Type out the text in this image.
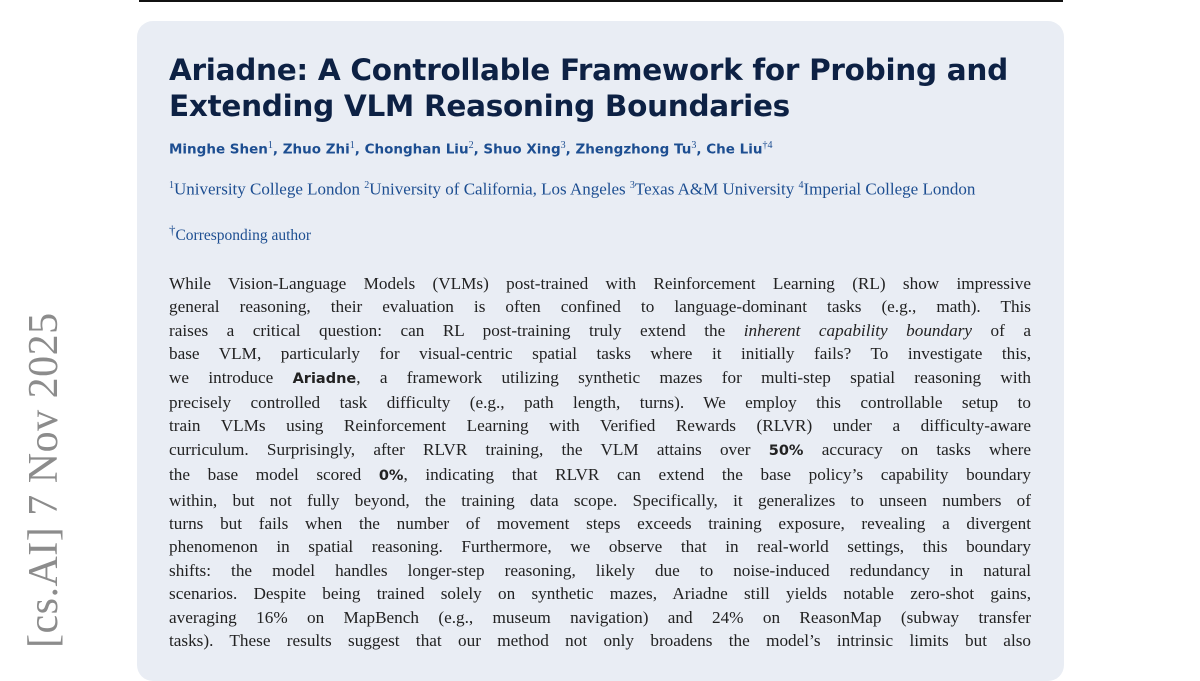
[cs.AI] 7 Nov 2025
Ariadne: A Controllable Framework for Probing and Extending VLM Reasoning Boundaries
Minghe Shen$^1$, Zhuo Zhi$^1$, Chonghan Liu$^2$, Shuo Xing$^3$, Zhengzhong Tu$^3$, Che Liu$^{\dagger 4}$
$^1$University College London $^2$University of California, Los Angeles $^3$Texas A&M University $^4$Imperial College London
†Corresponding author
While Vision-Language Models (VLMs) post-trained with Reinforcement Learning (RL) show impressive
general reasoning, their evaluation is often confined to language-dominant tasks (e.g., math). This
raises a critical question: can RL post-training truly extend the inherent capability boundary of a
base VLM, particularly for visual-centric spatial tasks where it initially fails? To investigate this,
we introduce Ariadne, a framework utilizing synthetic mazes for multi-step spatial reasoning with
precisely controlled task difficulty (e.g., path length, turns). We employ this controllable setup to
train VLMs using Reinforcement Learning with Verified Rewards (RLVR) under a difficulty-aware
curriculum. Surprisingly, after RLVR training, the VLM attains over 50% accuracy on tasks where
the base model scored 0%, indicating that RLVR can extend the base policy’s capability boundary
within, but not fully beyond, the training data scope. Specifically, it generalizes to unseen numbers of
turns but fails when the number of movement steps exceeds training exposure, revealing a divergent
phenomenon in spatial reasoning. Furthermore, we observe that in real-world settings, this boundary
shifts: the model handles longer-step reasoning, likely due to noise-induced redundancy in natural
scenarios. Despite being trained solely on synthetic mazes, Ariadne still yields notable zero-shot gains,
averaging 16% on MapBench (e.g., museum navigation) and 24% on ReasonMap (subway transfer
tasks). These results suggest that our method not only broadens the model’s intrinsic limits but also
